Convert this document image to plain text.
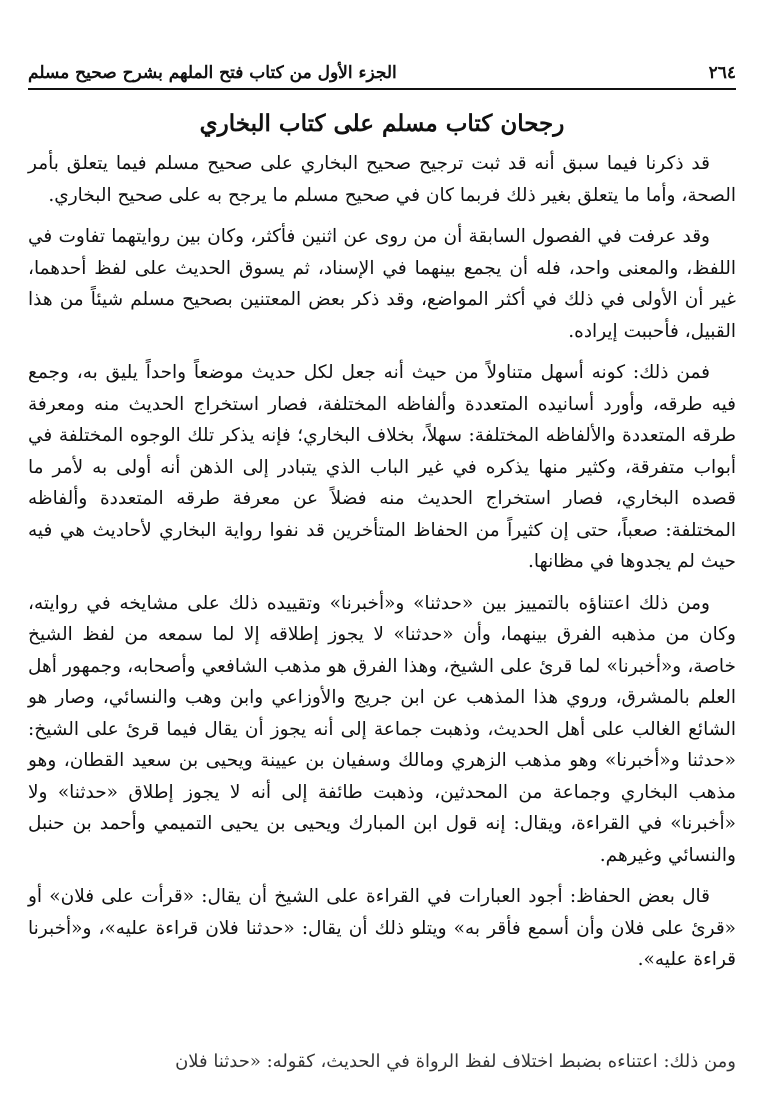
٢٦٤
الجزء الأول من كتاب فتح الملهم بشرح صحيح مسلم
رجحان كتاب مسلم على كتاب البخاري

قد ذكرنا فيما سبق أنه قد ثبت ترجيح صحيح البخاري على صحيح مسلم فيما يتعلق بأمر الصحة، وأما ما يتعلق بغير ذلك فربما كان في صحيح مسلم ما يرجح به على صحيح البخاري.

وقد عرفت في الفصول السابقة أن من روى عن اثنين فأكثر، وكان بين روايتهما تفاوت في اللفظ، والمعنى واحد، فله أن يجمع بينهما في الإسناد، ثم يسوق الحديث على لفظ أحدهما، غير أن الأولى في ذلك في أكثر المواضع، وقد ذكر بعض المعتنين بصحيح مسلم شيئاً من هذا القبيل، فأحببت إيراده.

فمن ذلك: كونه أسهل متناولاً من حيث أنه جعل لكل حديث موضعاً واحداً يليق به، وجمع فيه طرقه، وأورد أسانيده المتعددة وألفاظه المختلفة، فصار استخراج الحديث منه ومعرفة طرقه المتعددة والألفاظه المختلفة: سهلاً، بخلاف البخاري؛ فإنه يذكر تلك الوجوه المختلفة في أبواب متفرقة، وكثير منها يذكره في غير الباب الذي يتبادر إلى الذهن أنه أولى به لأمر ما قصده البخاري، فصار استخراج الحديث منه فضلاً عن معرفة طرقه المتعددة وألفاظه المختلفة: صعباً، حتى إن كثيراً من الحفاظ المتأخرين قد نفوا رواية البخاري لأحاديث هي فيه حيث لم يجدوها في مظانها.

ومن ذلك اعتناؤه بالتمييز بين «حدثنا» و«أخبرنا» وتقييده ذلك على مشايخه في روايته، وكان من مذهبه الفرق بينهما، وأن «حدثنا» لا يجوز إطلاقه إلا لما سمعه من لفظ الشيخ خاصة، و«أخبرنا» لما قرئ على الشيخ، وهذا الفرق هو مذهب الشافعي وأصحابه، وجمهور أهل العلم بالمشرق، وروي هذا المذهب عن ابن جريج والأوزاعي وابن وهب والنسائي، وصار هو الشائع الغالب على أهل الحديث، وذهبت جماعة إلى أنه يجوز أن يقال فيما قرئ على الشيخ: «حدثنا و«أخبرنا» وهو مذهب الزهري ومالك وسفيان بن عيينة ويحيى بن سعيد القطان، وهو مذهب البخاري وجماعة من المحدثين، وذهبت طائفة إلى أنه لا يجوز إطلاق «حدثنا» ولا «أخبرنا» في القراءة، ويقال: إنه قول ابن المبارك ويحيى بن يحيى التميمي وأحمد بن حنبل والنسائي وغيرهم.

قال بعض الحفاظ: أجود العبارات في القراءة على الشيخ أن يقال: «قرأت على فلان» أو «قرئ على فلان وأن أسمع فأقر به» ويتلو ذلك أن يقال: «حدثنا فلان قراءة عليه»، و«أخبرنا قراءة عليه».

ومن ذلك: اعتناءه بضبط اختلاف لفظ الرواة في الحديث، كقوله: «حدثنا فلان
